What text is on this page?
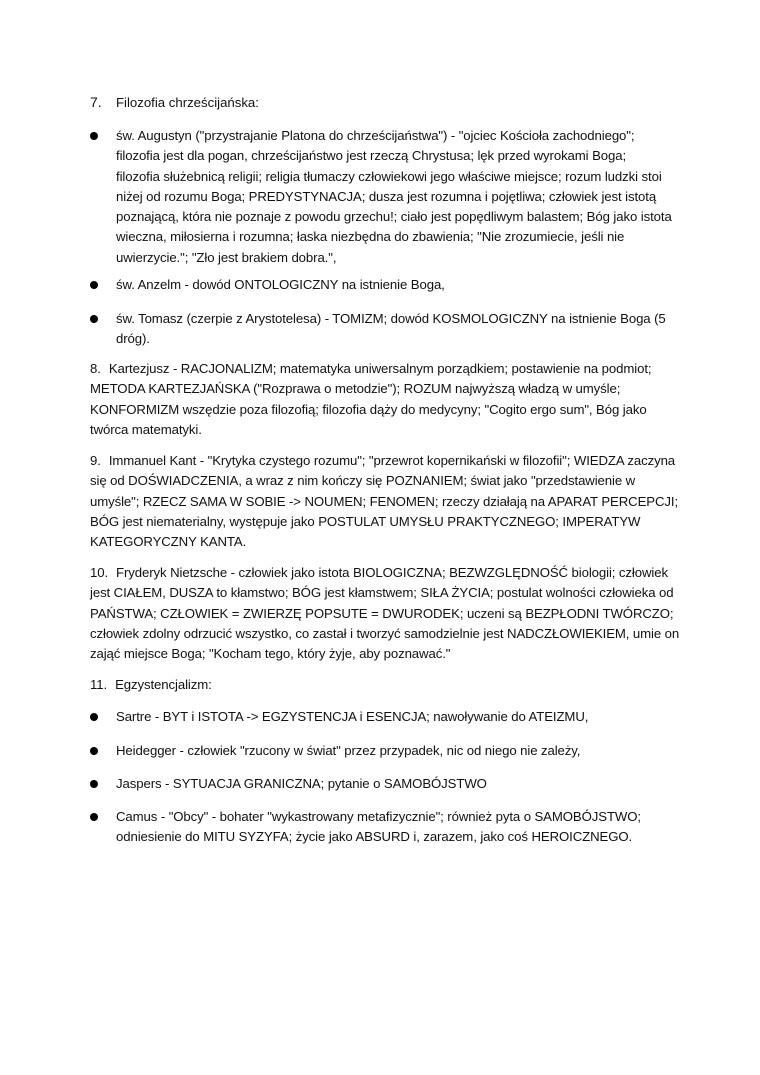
7. Filozofia chrześcijańska:
św. Augustyn ("przystrajanie Platona do chrześcijaństwa") - "ojciec Kościoła zachodniego"; filozofia jest dla pogan, chrześcijaństwo jest rzeczą Chrystusa; lęk przed wyrokami Boga; filozofia służebnicą religii; religia tłumaczy człowiekowi jego właściwe miejsce; rozum ludzki stoi niżej od rozumu Boga; PREDYSTYNACJA; dusza jest rozumna i pojętliwa; człowiek jest istotą poznającą, która nie poznaje z powodu grzechu!; ciało jest popędliwym balastem; Bóg jako istota wieczna, miłosierna i rozumna; łaska niezbędna do zbawienia; "Nie zrozumiecie, jeśli nie uwierzycie."; "Zło jest brakiem dobra.",
św. Anzelm - dowód ONTOLOGICZNY na istnienie Boga,
św. Tomasz (czerpie z Arystotelesa) - TOMIZM; dowód KOSMOLOGICZNY na istnienie Boga (5 dróg).
8. Kartezjusz - RACJONALIZM; matematyka uniwersalnym porządkiem; postawienie na podmiot; METODA KARTEZJAŃSKA ("Rozprawa o metodzie"); ROZUM najwyższą władzą w umyśle; KONFORMIZM wszędzie poza filozofią; filozofia dąży do medycyny; "Cogito ergo sum", Bóg jako twórca matematyki.
9. Immanuel Kant - "Krytyka czystego rozumu"; "przewrot kopernikański w filozofii"; WIEDZA zaczyna się od DOŚWIADCZENIA, a wraz z nim kończy się POZNANIEM; świat jako "przedstawienie w umyśle"; RZECZ SAMA W SOBIE -> NOUMEN; FENOMEN; rzeczy działają na APARAT PERCEPCJI; BÓG jest niematerialny, występuje jako POSTULAT UMYSŁU PRAKTYCZNEGO; IMPERATYW KATEGORYCZNY KANTA.
10. Fryderyk Nietzsche - człowiek jako istota BIOLOGICZNA; BEZWZGLĘDNOŚĆ biologii; człowiek jest CIAŁEM, DUSZA to kłamstwo; BÓG jest kłamstwem; SIŁA ŻYCIA; postulat wolności człowieka od PAŃSTWA; CZŁOWIEK = ZWIERZĘ POPSUTE = DWURODEK; uczeni są BEZPŁODNI TWÓRCZO; człowiek zdolny odrzucić wszystko, co zastał i tworzyć samodzielnie jest NADCZŁOWIEKIEM, umie on zająć miejsce Boga; "Kocham tego, który żyje, aby poznawać."
11. Egzystencjalizm:
Sartre - BYT i ISTOTA -> EGZYSTENCJA i ESENCJA; nawoływanie do ATEIZMU,
Heidegger - człowiek "rzucony w świat" przez przypadek, nic od niego nie zależy,
Jaspers - SYTUACJA GRANICZNA; pytanie o SAMOBÓJSTWO
Camus - "Obcy" - bohater "wykastrowany metafizycznie"; również pyta o SAMOBÓJSTWO; odniesienie do MITU SYZYFA; życie jako ABSURD i, zarazem, jako coś HEROICZNEGO.
